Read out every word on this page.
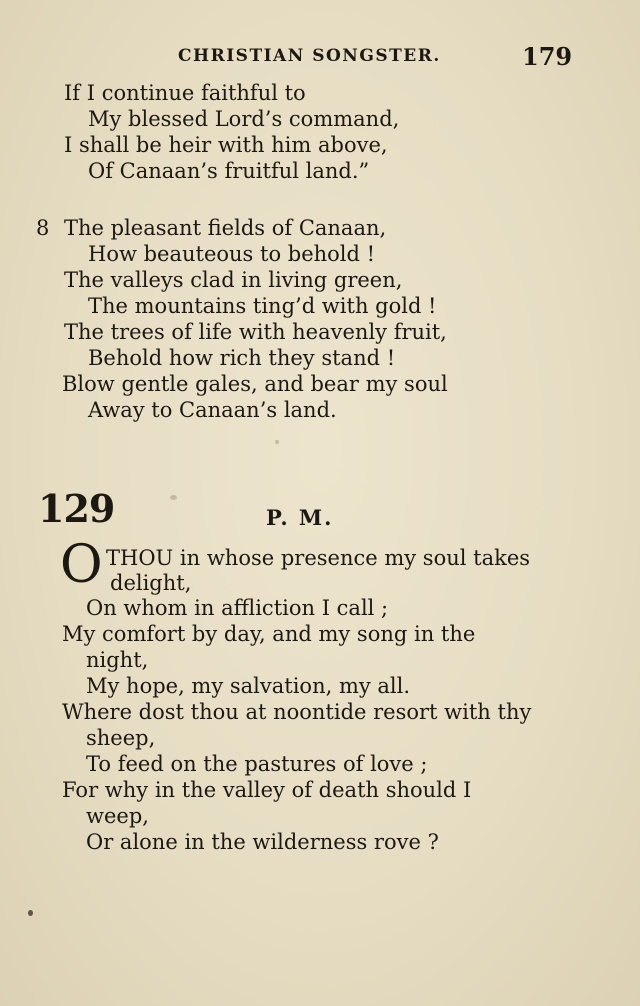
CHRISTIAN SONGSTER.	179
If I continue faithful to
My blessed Lord’s command,
I shall be heir with him above,
Of Canaan’s fruitful land.”
8 The pleasant fields of Canaan,
How beauteous to behold !
The valleys clad in living green,
The mountains ting’d with gold !
The trees of life with heavenly fruit,
Behold how rich they stand !
Blow gentle gales, and bear my soul
Away to Canaan’s land.
129	P. M.
O THOU in whose presence my soul takes
delight,
On whom in affliction I call ;
My comfort by day, and my song in the
night,
My hope, my salvation, my all.
Where dost thou at noontide resort with thy
sheep,
To feed on the pastures of love ;
For why in the valley of death should I
weep,
Or alone in the wilderness rove ?
